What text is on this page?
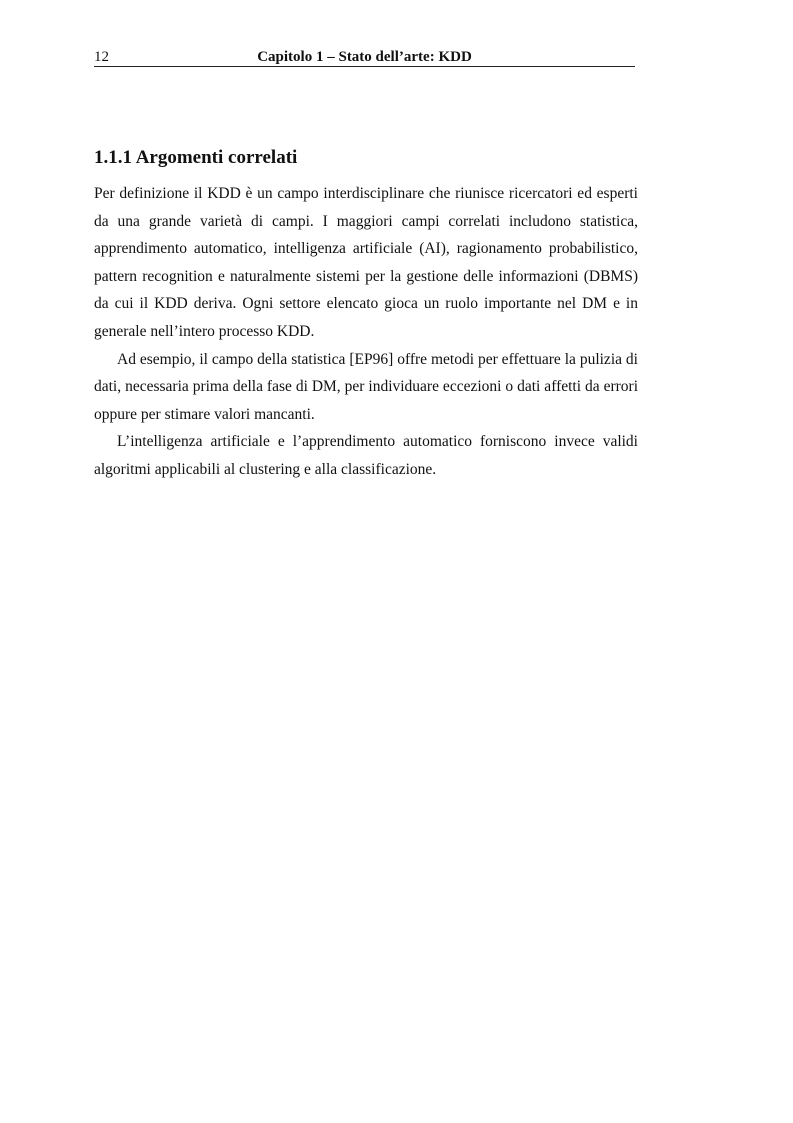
12	Capitolo 1 – Stato dell’arte: KDD
1.1.1 Argomenti correlati

Per definizione il KDD è un campo interdisciplinare che riunisce ricercatori ed esperti da una grande varietà di campi. I maggiori campi correlati includono statistica, apprendimento automatico, intelligenza artificiale (AI), ragionamento probabilistico, pattern recognition e naturalmente sistemi per la gestione delle informazioni (DBMS) da cui il KDD deriva. Ogni settore elencato gioca un ruolo importante nel DM e in generale nell’intero processo KDD.

Ad esempio, il campo della statistica [EP96] offre metodi per effettuare la pulizia di dati, necessaria prima della fase di DM, per individuare eccezioni o dati affetti da errori oppure per stimare valori mancanti.

L’intelligenza artificiale e l’apprendimento automatico forniscono invece validi algoritmi applicabili al clustering e alla classificazione.
